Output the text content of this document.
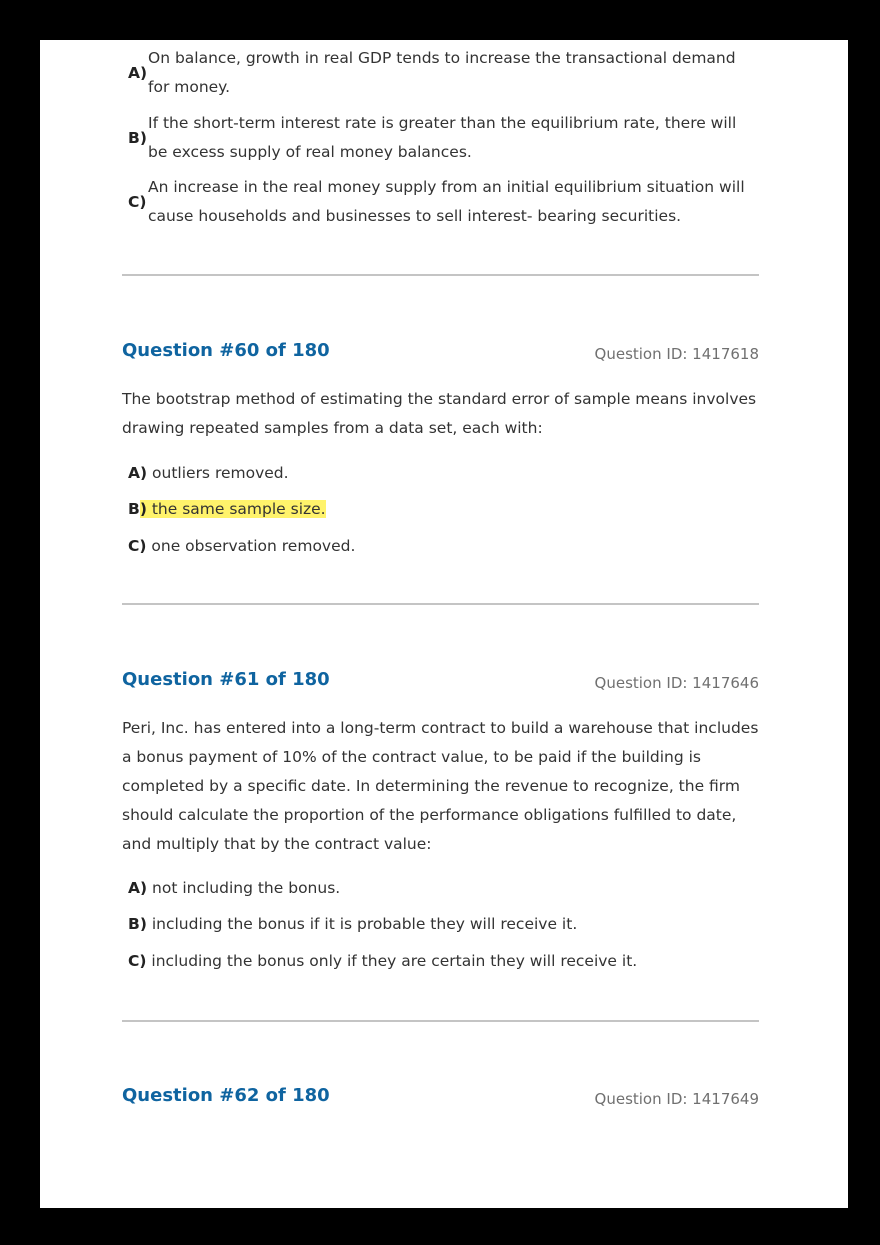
A)
On balance, growth in real GDP tends to increase the transactional demand for money.
B)
If the short-term interest rate is greater than the equilibrium rate, there will be excess supply of real money balances.
C)
An increase in the real money supply from an initial equilibrium situation will cause households and businesses to sell interest- bearing securities.
Question #60 of 180	Question ID: 1417618
The bootstrap method of estimating the standard error of sample means involves drawing repeated samples from a data set, each with:
A) outliers removed.
B) the same sample size.
C) one observation removed.
Question #61 of 180	Question ID: 1417646
Peri, Inc. has entered into a long-term contract to build a warehouse that includes a bonus payment of 10% of the contract value, to be paid if the building is completed by a specific date. In determining the revenue to recognize, the firm should calculate the proportion of the performance obligations fulfilled to date, and multiply that by the contract value:
A) not including the bonus.
B) including the bonus if it is probable they will receive it.
C) including the bonus only if they are certain they will receive it.
Question #62 of 180	Question ID: 1417649
